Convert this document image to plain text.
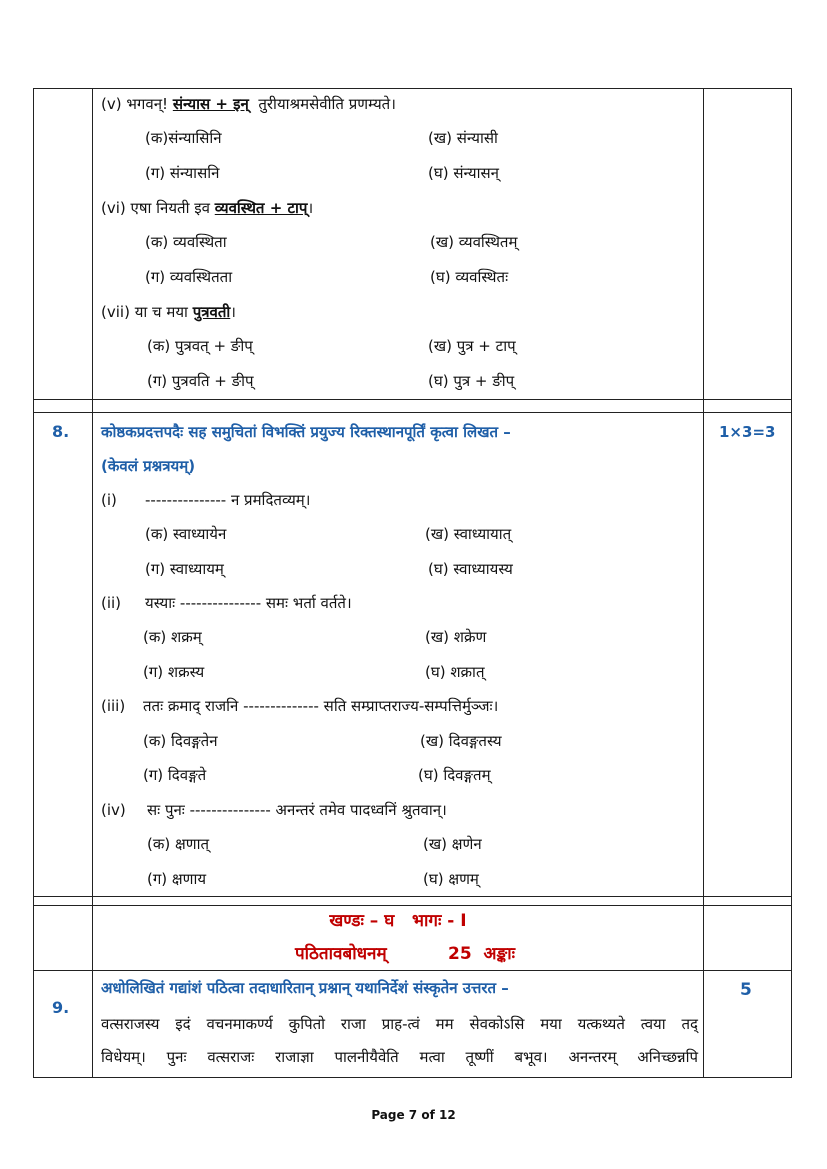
(v) भगवन्! संन्यास + इन् तुरीयाश्रमसेवीति प्रणम्यते।
(क)संन्यासिनि	(ख) संन्यासी
(ग) संन्यासनि	(घ) संन्यासन्
(vi) एषा नियती इव व्यवस्थित + टाप्।
(क) व्यवस्थिता	(ख) व्यवस्थितम्
(ग) व्यवस्थितता	(घ) व्यवस्थितः
(vii) या च मया पुत्रवती।
(क) पुत्रवत् + ङीप्	(ख) पुत्र + टाप्
(ग) पुत्रवति + ङीप्	(घ) पुत्र + ङीप्
8. कोष्ठकप्रदत्तपदैः सह समुचितां विभक्तिं प्रयुज्य रिक्तस्थानपूर्तिं कृत्वा लिखत –
(केवलं प्रश्नत्रयम्)
1×3=3
(i) --------------- न प्रमदितव्यम्।
(क) स्वाध्यायेन	(ख) स्वाध्यायात्
(ग) स्वाध्यायम्	(घ) स्वाध्यायस्य
(ii) यस्याः --------------- समः भर्ता वर्तते।
(क) शक्रम्	(ख) शक्रेण
(ग) शक्रस्य	(घ) शक्रात्
(iii) ततः क्रमाद् राजनि -------------- सति सम्प्राप्तराज्य-सम्पत्तिर्मुञ्जः।
(क) दिवङ्गतेन	(ख) दिवङ्गतस्य
(ग) दिवङ्गते	(घ) दिवङ्गतम्
(iv) सः पुनः --------------- अनन्तरं तमेव पादध्वनिं श्रुतवान्।
(क) क्षणात्	(ख) क्षणेन
(ग) क्षणाय	(घ) क्षणम्
खण्डः – घ   भागः - I
पठितावबोधनम्	25  अङ्काः
9.
अधोलिखितं गद्यांशं पठित्वा तदाधारितान् प्रश्नान् यथानिर्देशं संस्कृतेन उत्तरत –	5
वत्सराजस्य इदं वचनमाकर्ण्य कुपितो राजा प्राह-त्वं मम सेवकोऽसि मया यत्कथ्यते त्वया तद्
विधेयम्। पुनः वत्सराजः राजाज्ञा पालनीयैवेति मत्वा तूष्णीं बभूव। अनन्तरम् अनिच्छन्नपि
Page 7 of 12
